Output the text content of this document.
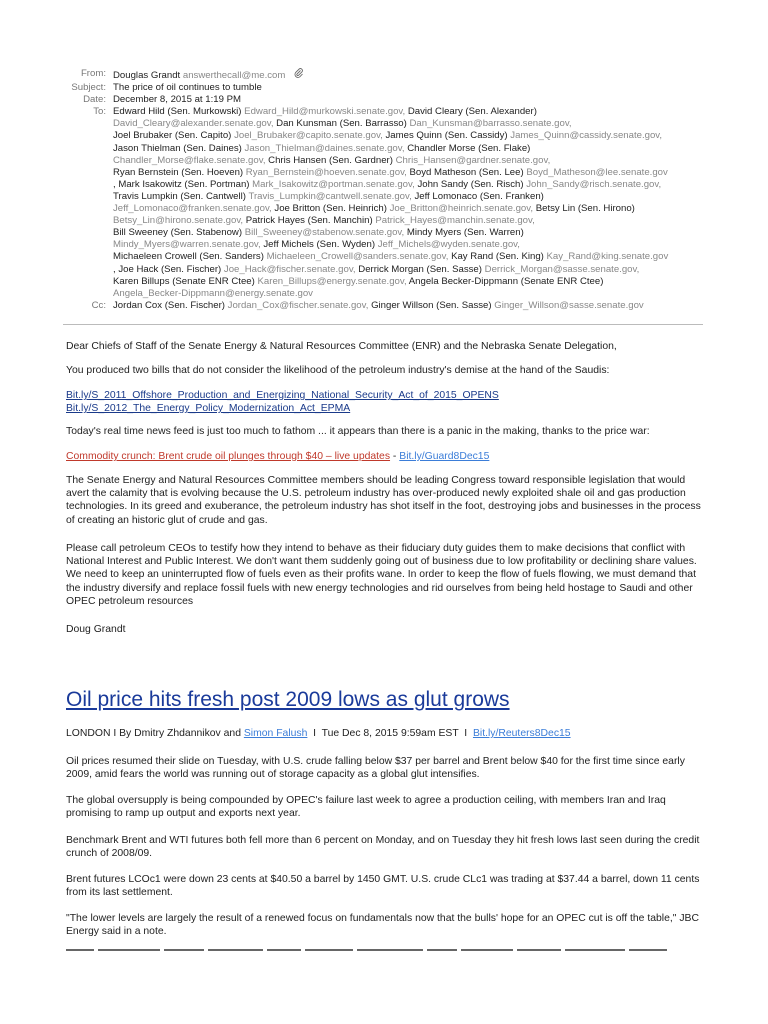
From: Douglas Grandt answerthecall@me.com
Subject: The price of oil continues to tumble
Date: December 8, 2015 at 1:19 PM
To: Edward Hild (Sen. Murkowski) Edward_Hild@murkowski.senate.gov, David Cleary (Sen. Alexander)
David_Cleary@alexander.senate.gov, Dan Kunsman (Sen. Barrasso) Dan_Kunsman@barrasso.senate.gov,
Joel Brubaker (Sen. Capito) Joel_Brubaker@capito.senate.gov, James Quinn (Sen. Cassidy) James_Quinn@cassidy.senate.gov,
Jason Thielman (Sen. Daines) Jason_Thielman@daines.senate.gov, Chandler Morse (Sen. Flake)
Chandler_Morse@flake.senate.gov, Chris Hansen (Sen. Gardner) Chris_Hansen@gardner.senate.gov,
Ryan Bernstein (Sen. Hoeven) Ryan_Bernstein@hoeven.senate.gov, Boyd Matheson (Sen. Lee) Boyd_Matheson@lee.senate.gov
, Mark Isakowitz (Sen. Portman) Mark_Isakowitz@portman.senate.gov, John Sandy (Sen. Risch) John_Sandy@risch.senate.gov,
Travis Lumpkin (Sen. Cantwell) Travis_Lumpkin@cantwell.senate.gov, Jeff Lomonaco (Sen. Franken)
Jeff_Lomonaco@franken.senate.gov, Joe Britton (Sen. Heinrich) Joe_Britton@heinrich.senate.gov, Betsy Lin (Sen. Hirono)
Betsy_Lin@hirono.senate.gov, Patrick Hayes (Sen. Manchin) Patrick_Hayes@manchin.senate.gov,
Bill Sweeney (Sen. Stabenow) Bill_Sweeney@stabenow.senate.gov, Mindy Myers (Sen. Warren)
Mindy_Myers@warren.senate.gov, Jeff Michels (Sen. Wyden) Jeff_Michels@wyden.senate.gov,
Michaeleen Crowell (Sen. Sanders) Michaeleen_Crowell@sanders.senate.gov, Kay Rand (Sen. King) Kay_Rand@king.senate.gov
, Joe Hack (Sen. Fischer) Joe_Hack@fischer.senate.gov, Derrick Morgan (Sen. Sasse) Derrick_Morgan@sasse.senate.gov,
Karen Billups (Senate ENR Ctee) Karen_Billups@energy.senate.gov, Angela Becker-Dippmann (Senate ENR Ctee)
Angela_Becker-Dippmann@energy.senate.gov
Cc: Jordan Cox (Sen. Fischer) Jordan_Cox@fischer.senate.gov, Ginger Willson (Sen. Sasse) Ginger_Willson@sasse.senate.gov
Dear Chiefs of Staff of the Senate Energy & Natural Resources Committee (ENR) and the Nebraska Senate Delegation,
You produced two bills that do not consider the likelihood of the petroleum industry's demise at the hand of the Saudis:
Bit.ly/S_2011_Offshore_Production_and_Energizing_National_Security_Act_of_2015_OPENS
Bit.ly/S_2012_The_Energy_Policy_Modernization_Act_EPMA
Today's real time news feed is just too much to fathom ... it appears than there is a panic in the making, thanks to the price war:
Commodity crunch: Brent crude oil plunges through $40 – live updates - Bit.ly/Guard8Dec15
The Senate Energy and Natural Resources Committee members should be leading Congress toward responsible legislation that would avert the calamity that is evolving because the U.S. petroleum industry has over-produced newly exploited shale oil and gas production technologies. In its greed and exuberance, the petroleum industry has shot itself in the foot, destroying jobs and businesses in the process of creating an historic glut of crude and gas.
Please call petroleum CEOs to testify how they intend to behave as their fiduciary duty guides them to make decisions that conflict with National Interest and Public Interest. We don't want them suddenly going out of business due to low profitability or declining share values. We need to keep an uninterrupted flow of fuels even as their profits wane. In order to keep the flow of fuels flowing, we must demand that the industry diversify and replace fossil fuels with new energy technologies and rid ourselves from being held hostage to Saudi and other OPEC petroleum resources
Doug Grandt
Oil price hits fresh post 2009 lows as glut grows
LONDON I By Dmitry Zhdannikov and Simon Falush  I  Tue Dec 8, 2015 9:59am EST  I  Bit.ly/Reuters8Dec15
Oil prices resumed their slide on Tuesday, with U.S. crude falling below $37 per barrel and Brent below $40 for the first time since early 2009, amid fears the world was running out of storage capacity as a global glut intensifies.
The global oversupply is being compounded by OPEC's failure last week to agree a production ceiling, with members Iran and Iraq promising to ramp up output and exports next year.
Benchmark Brent and WTI futures both fell more than 6 percent on Monday, and on Tuesday they hit fresh lows last seen during the credit crunch of 2008/09.
Brent futures LCOc1 were down 23 cents at $40.50 a barrel by 1450 GMT. U.S. crude CLc1 was trading at $37.44 a barrel, down 11 cents from its last settlement.
"The lower levels are largely the result of a renewed focus on fundamentals now that the bulls' hope for an OPEC cut is off the table," JBC Energy said in a note.
